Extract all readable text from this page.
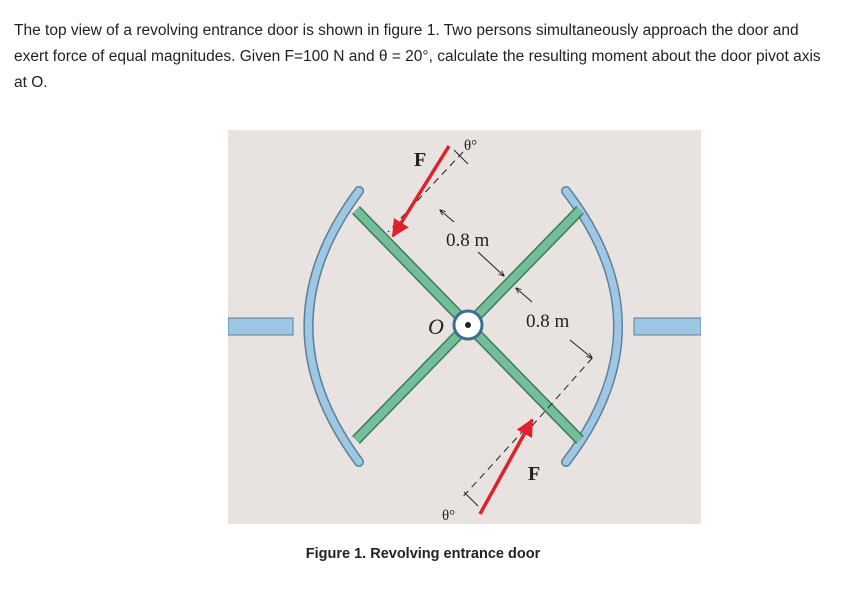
The top view of a revolving entrance door is shown in figure 1. Two persons simultaneously approach the door and exert force of equal magnitudes. Given F=100 N and θ = 20°, calculate the resulting moment about the door pivot axis at O.

F
F
θ°
θ°
0.8 m
0.8 m
O
Figure 1. Revolving entrance door
